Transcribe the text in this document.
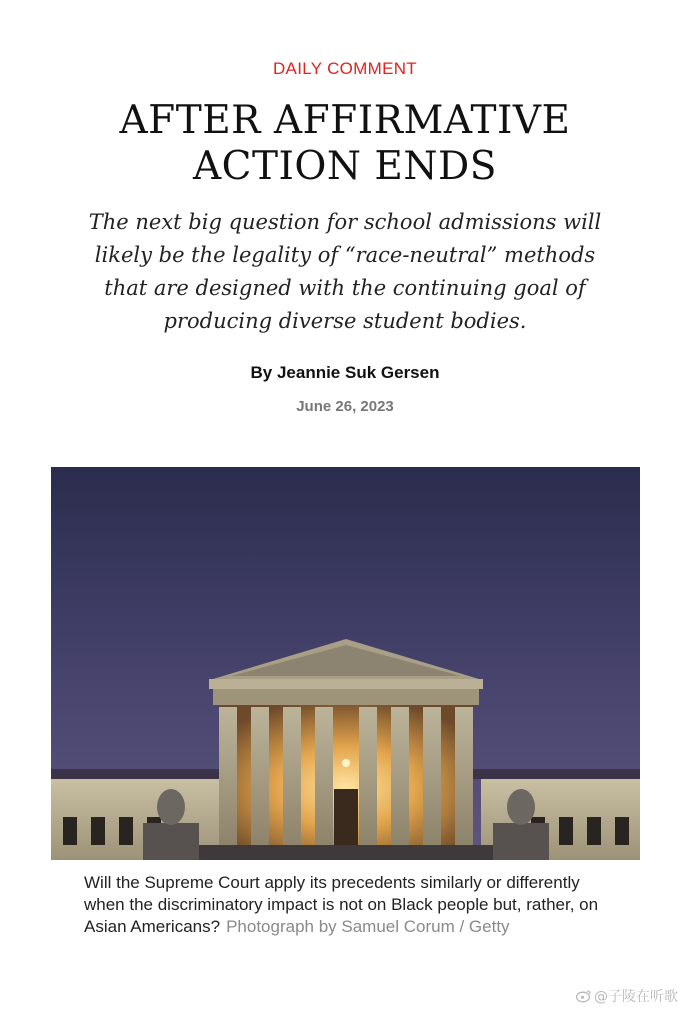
DAILY COMMENT
AFTER AFFIRMATIVE
ACTION ENDS

The next big question for school admissions will likely be the legality of “race-neutral” methods that are designed with the continuing goal of producing diverse student bodies.

By Jeannie Suk Gersen
June 26, 2023

Will the Supreme Court apply its precedents similarly or differently when the discriminatory impact is not on Black people but, rather, on Asian Americans? Photograph by Samuel Corum / Getty

@子陵在听歌
